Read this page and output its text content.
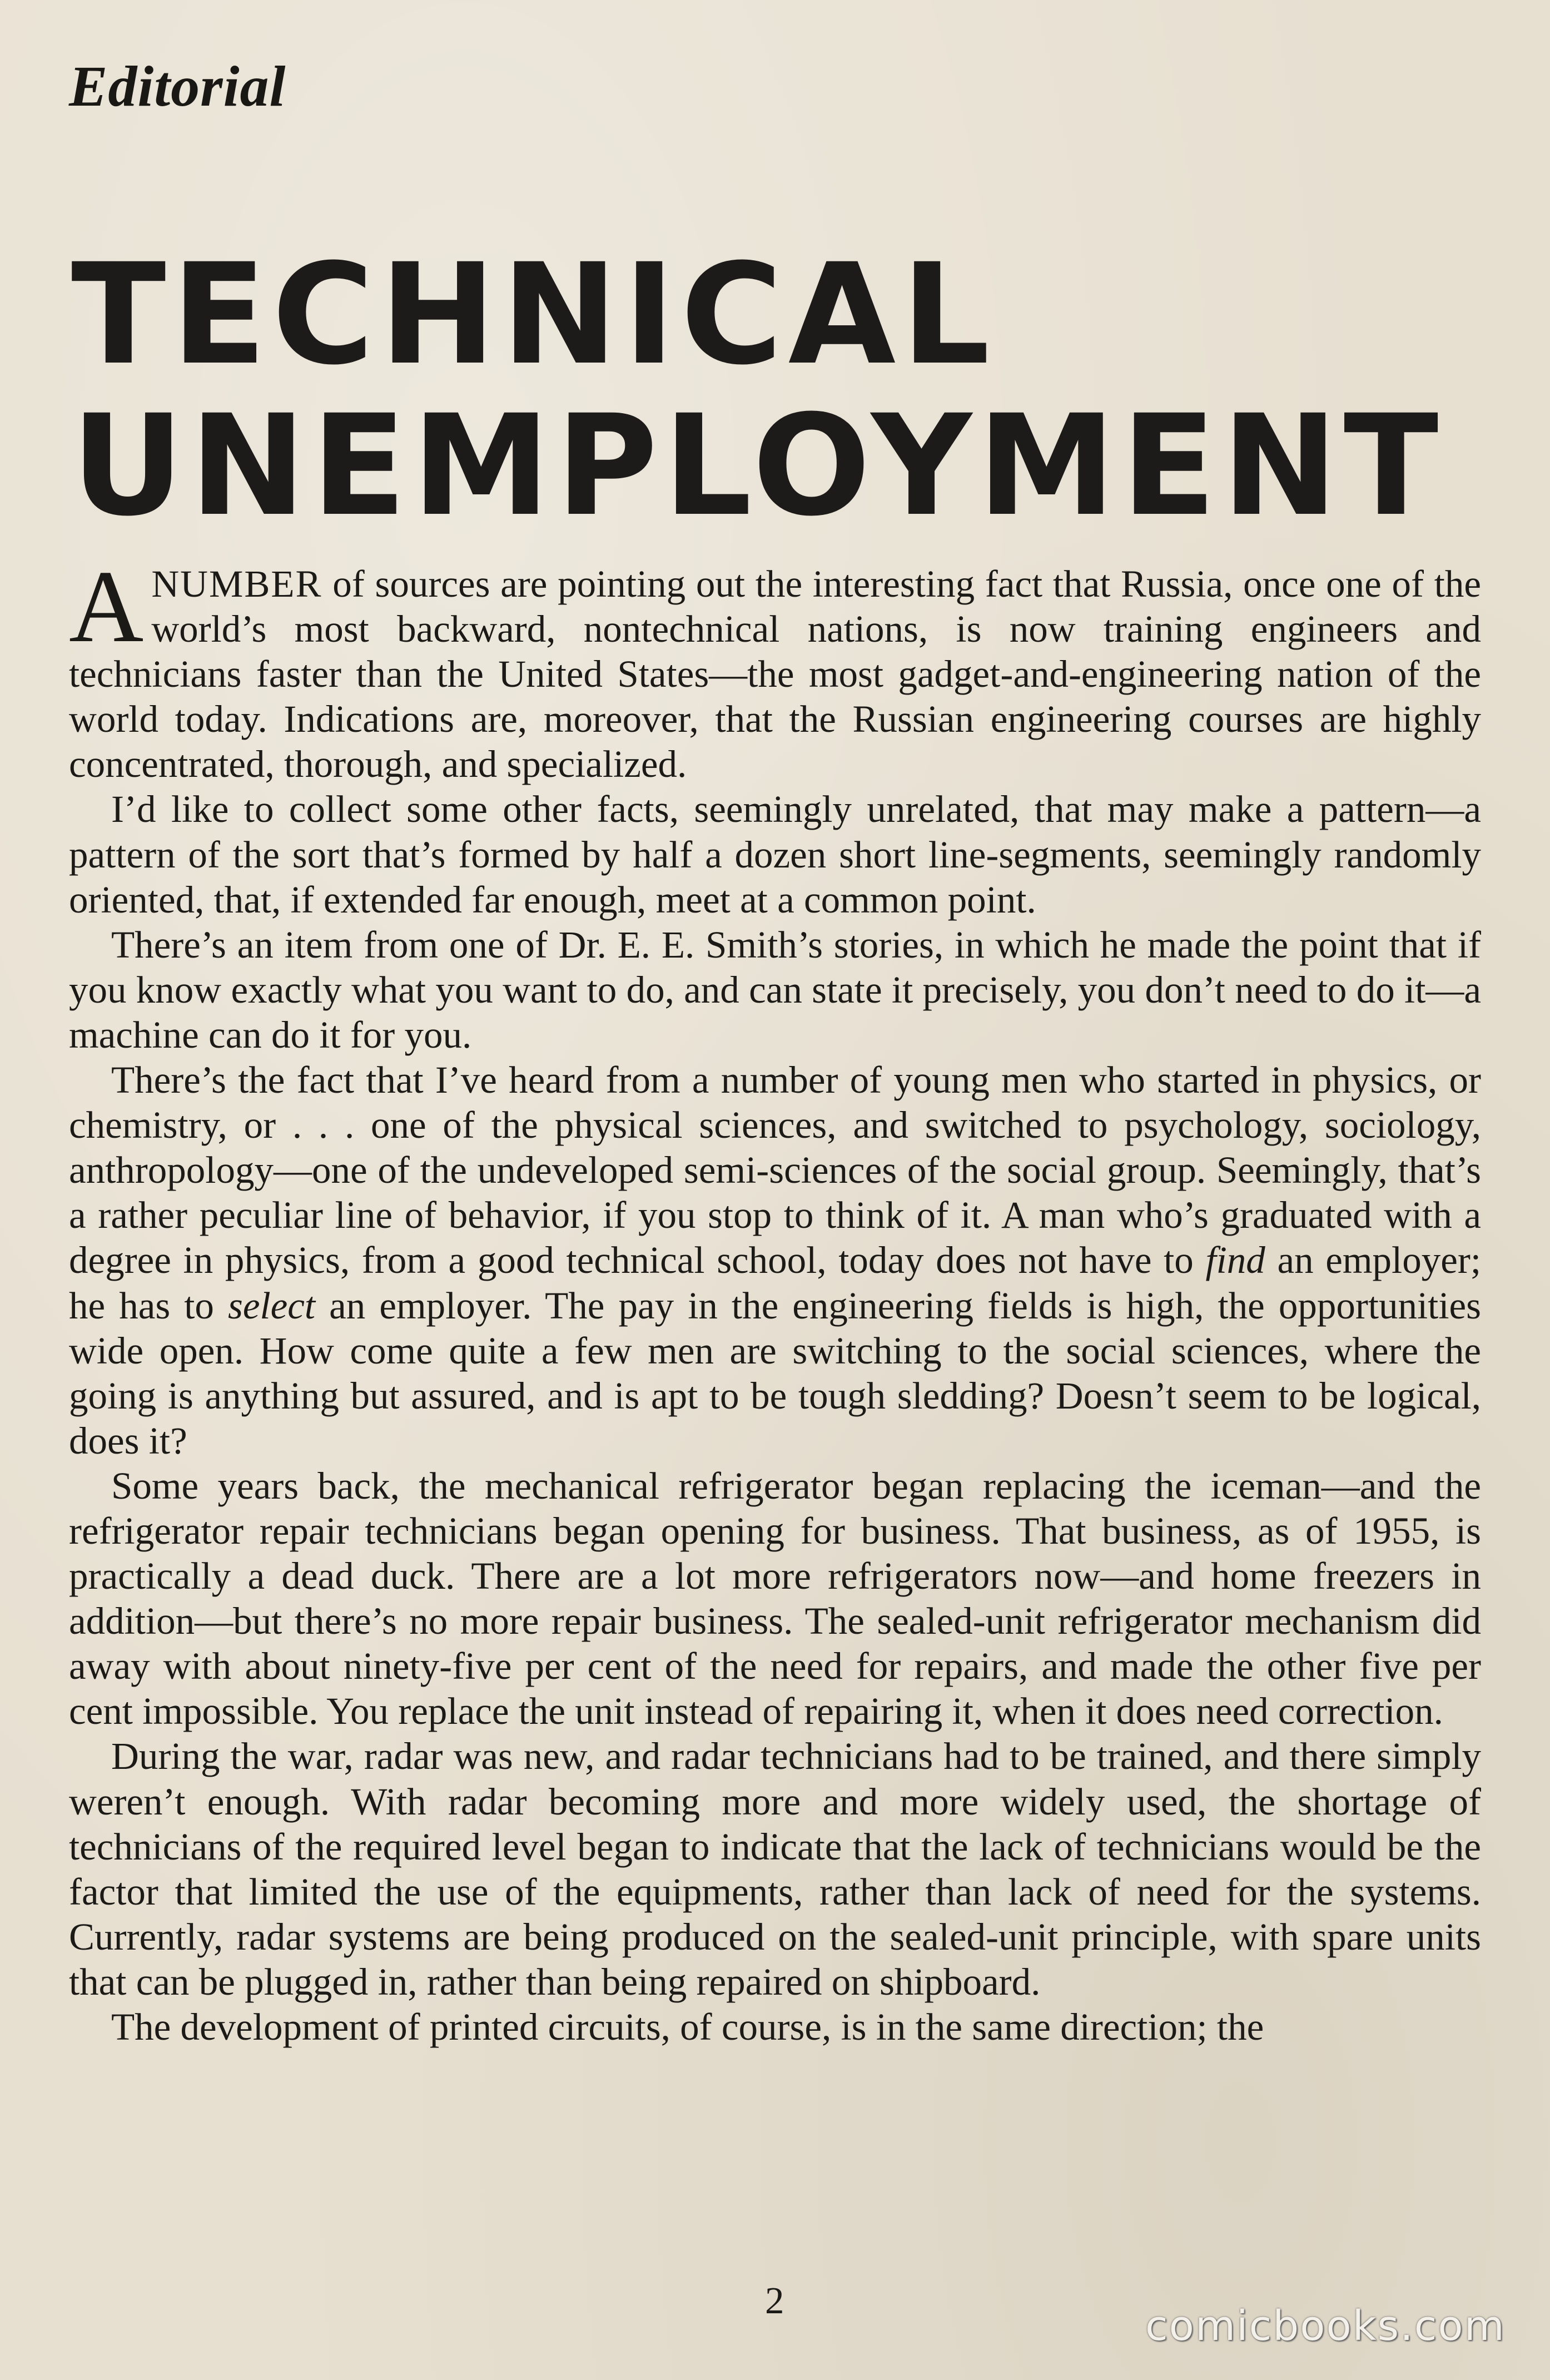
Editorial
TECHNICAL
UNEMPLOYMENT

ANUMBER of sources are pointing out the interesting fact that Russia, once one of the world’s most backward, nontechnical nations, is now training engineers and technicians faster than the United States—the most gadget-and-engineering nation of the world today. Indications are, moreover, that the Russian engineering courses are highly concentrated, thorough, and specialized.

I’d like to collect some other facts, seemingly unrelated, that may make a pattern—a pattern of the sort that’s formed by half a dozen short line-segments, seemingly randomly oriented, that, if extended far enough, meet at a common point.

There’s an item from one of Dr. E. E. Smith’s stories, in which he made the point that if you know exactly what you want to do, and can state it precisely, you don’t need to do it—a machine can do it for you.

There’s the fact that I’ve heard from a number of young men who started in physics, or chemistry, or . . . one of the physical sciences, and switched to psychology, sociology, anthropology—one of the undeveloped semi-sciences of the social group. Seemingly, that’s a rather peculiar line of behavior, if you stop to think of it. A man who’s graduated with a degree in physics, from a good technical school, today does not have to find an employer; he has to select an employer. The pay in the engineering fields is high, the opportunities wide open. How come quite a few men are switching to the social sciences, where the going is anything but assured, and is apt to be tough sledding? Doesn’t seem to be logical, does it?

Some years back, the mechanical refrigerator began replacing the iceman—and the refrigerator repair technicians began opening for business. That business, as of 1955, is practically a dead duck. There are a lot more refrigerators now—and home freezers in addition—but there’s no more repair business. The sealed-unit refrigerator mechanism did away with about ninety-five per cent of the need for repairs, and made the other five per cent impossible. You replace the unit instead of repairing it, when it does need correction.

During the war, radar was new, and radar technicians had to be trained, and there simply weren’t enough. With radar becoming more and more widely used, the shortage of technicians of the required level began to indicate that the lack of technicians would be the factor that limited the use of the equipments, rather than lack of need for the systems. Currently, radar systems are being produced on the sealed-unit principle, with spare units that can be plugged in, rather than being repaired on shipboard.

The development of printed circuits, of course, is in the same direction; the

2
comicbooks.com
